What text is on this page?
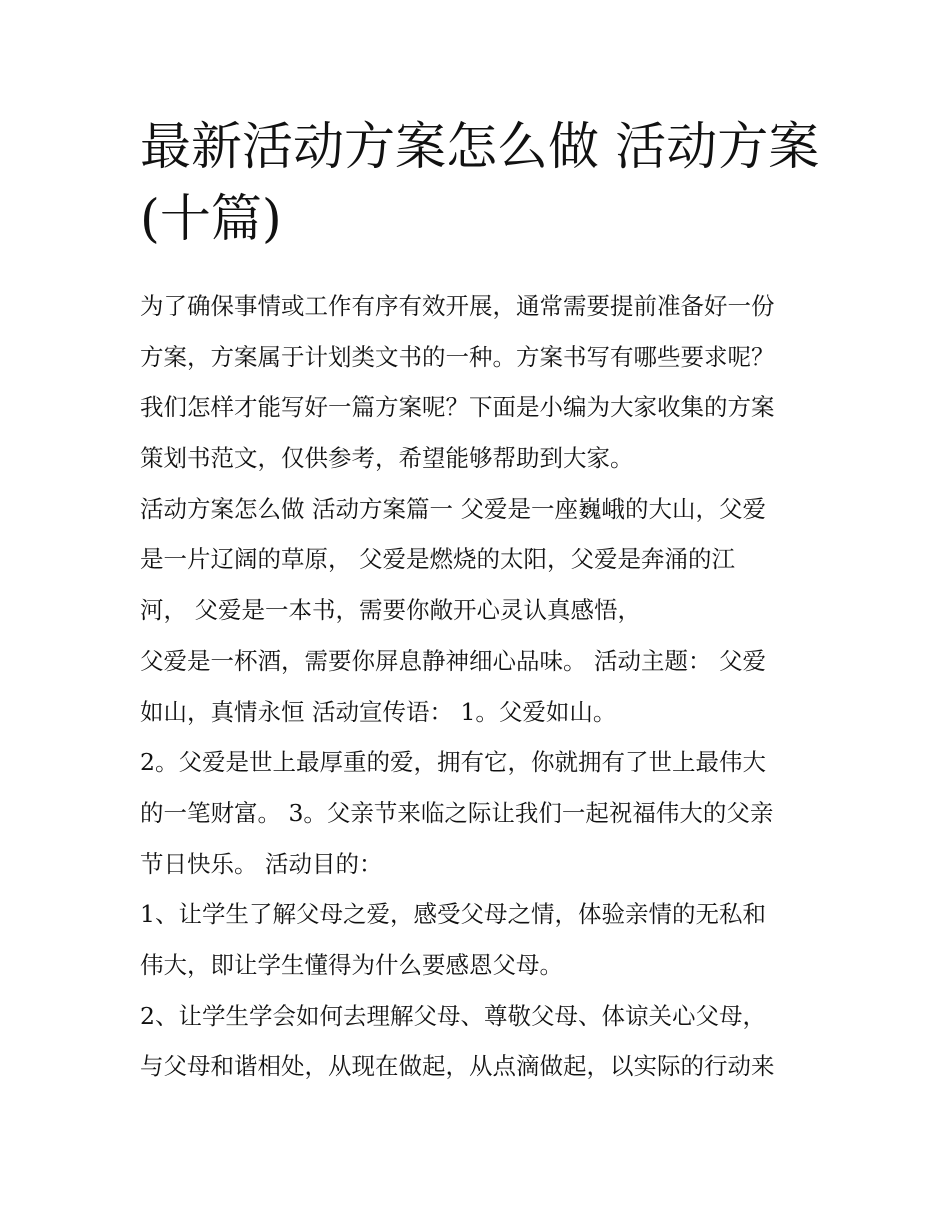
最新活动方案怎么做 活动方案
(十篇)
为了确保事情或工作有序有效开展，通常需要提前准备好一份
方案，方案属于计划类文书的一种。方案书写有哪些要求呢？
我们怎样才能写好一篇方案呢？下面是小编为大家收集的方案
策划书范文，仅供参考，希望能够帮助到大家。
活动方案怎么做 活动方案篇一 父爱是一座巍峨的大山，父爱
是一片辽阔的草原， 父爱是燃烧的太阳，父爱是奔涌的江
河， 父爱是一本书，需要你敞开心灵认真感悟，
父爱是一杯酒，需要你屏息静神细心品味。 活动主题： 父爱
如山，真情永恒 活动宣传语： 1。父爱如山。
2。父爱是世上最厚重的爱，拥有它，你就拥有了世上最伟大
的一笔财富。 3。父亲节来临之际让我们一起祝福伟大的父亲
节日快乐。 活动目的：
1、让学生了解父母之爱，感受父母之情，体验亲情的无私和
伟大，即让学生懂得为什么要感恩父母。
2、让学生学会如何去理解父母、尊敬父母、体谅关心父母，
与父母和谐相处，从现在做起，从点滴做起，以实际的行动来
